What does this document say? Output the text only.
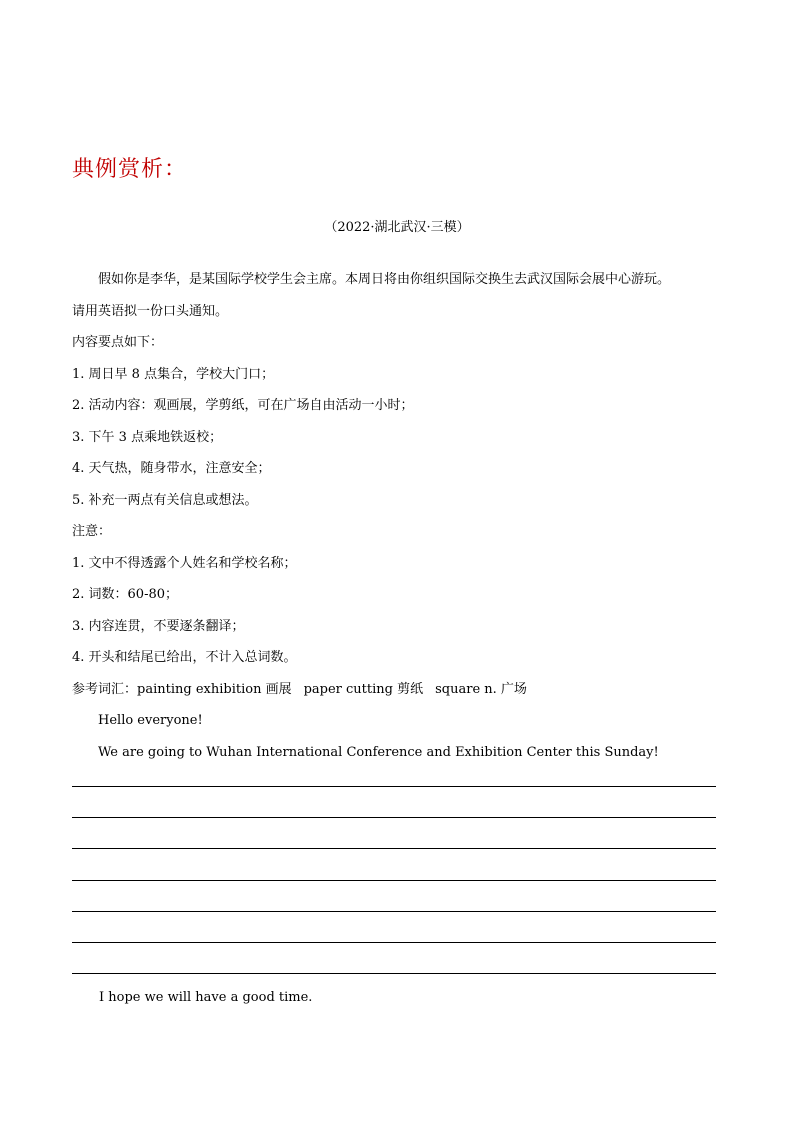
典例赏析：
（2022·湖北武汉·三模）
假如你是李华，是某国际学校学生会主席。本周日将由你组织国际交换生去武汉国际会展中心游玩。
请用英语拟一份口头通知。
内容要点如下：
1. 周日早 8 点集合，学校大门口；
2. 活动内容：观画展，学剪纸，可在广场自由活动一小时；
3. 下午 3 点乘地铁返校；
4. 天气热，随身带水，注意安全；
5. 补充一两点有关信息或想法。
注意：
1. 文中不得透露个人姓名和学校名称；
2. 词数：60-80；
3. 内容连贯，不要逐条翻译；
4. 开头和结尾已给出，不计入总词数。
参考词汇：painting exhibition 画展 paper cutting 剪纸 square n. 广场
Hello everyone!
We are going to Wuhan International Conference and Exhibition Center this Sunday!
I hope we will have a good time.
